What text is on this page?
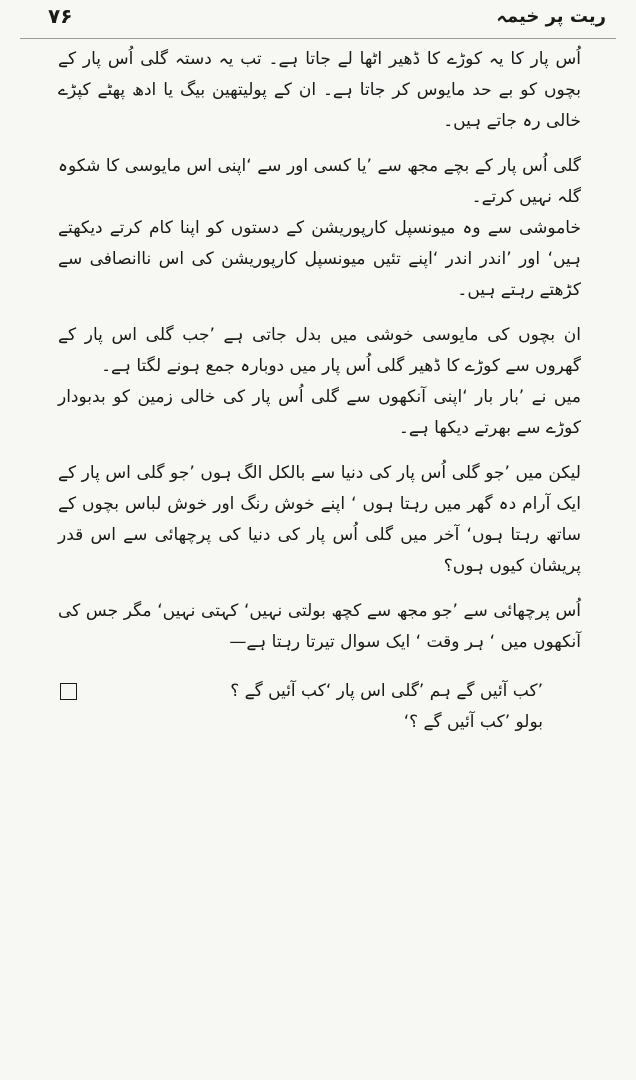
۷۶	ریت پر خیمہ

اُس پار کا یہ کوڑے کا ڈھیر اٹھا لے جاتا ہے۔ تب یہ دستہ گلی اُس پار کے بچوں کو بے حد مایوس کر جاتا ہے۔ ان کے پولیتھین بیگ یا ادھ پھٹے کپڑے خالی رہ جاتے ہیں۔

گلی اُس پار کے بچے مجھ سے ’یا کسی اور سے ‘اپنی اس مایوسی کا شکوہ گلہ نہیں کرتے۔

خاموشی سے وہ میونسپل کارپوریشن کے دستوں کو اپنا کام کرتے دیکھتے ہیں‘ اور ’اندر اندر ‘اپنے تئیں میونسپل کارپوریشن کی اس ناانصافی سے کڑھتے رہتے ہیں۔

ان بچوں کی مایوسی خوشی میں بدل جاتی ہے ’جب گلی اس پار کے گھروں سے کوڑے کا ڈھیر گلی اُس پار میں دوبارہ جمع ہونے لگتا ہے۔

میں نے ’بار بار ‘اپنی آنکھوں سے گلی اُس پار کی خالی زمین کو بدبودار کوڑے سے بھرتے دیکھا ہے۔

لیکن میں ’جو گلی اُس پار کی دنیا سے بالکل الگ ہوں ’جو گلی اس پار کے ایک آرام دہ گھر میں رہتا ہوں ‘ اپنے خوش رنگ اور خوش لباس بچوں کے ساتھ رہتا ہوں‘ آخر میں گلی اُس پار کی دنیا کی پرچھائی سے اس قدر پریشان کیوں ہوں؟

اُس پرچھائی سے ’جو مجھ سے کچھ بولتی نہیں‘ کہتی نہیں‘ مگر جس کی آنکھوں میں ‘ ہر وقت ‘ ایک سوال تیرتا رہتا ہے—

’کب آئیں گے ہم ’گلی اس پار ‘کب آئیں گے ؟

بولو ’کب آئیں گے ؟‘
